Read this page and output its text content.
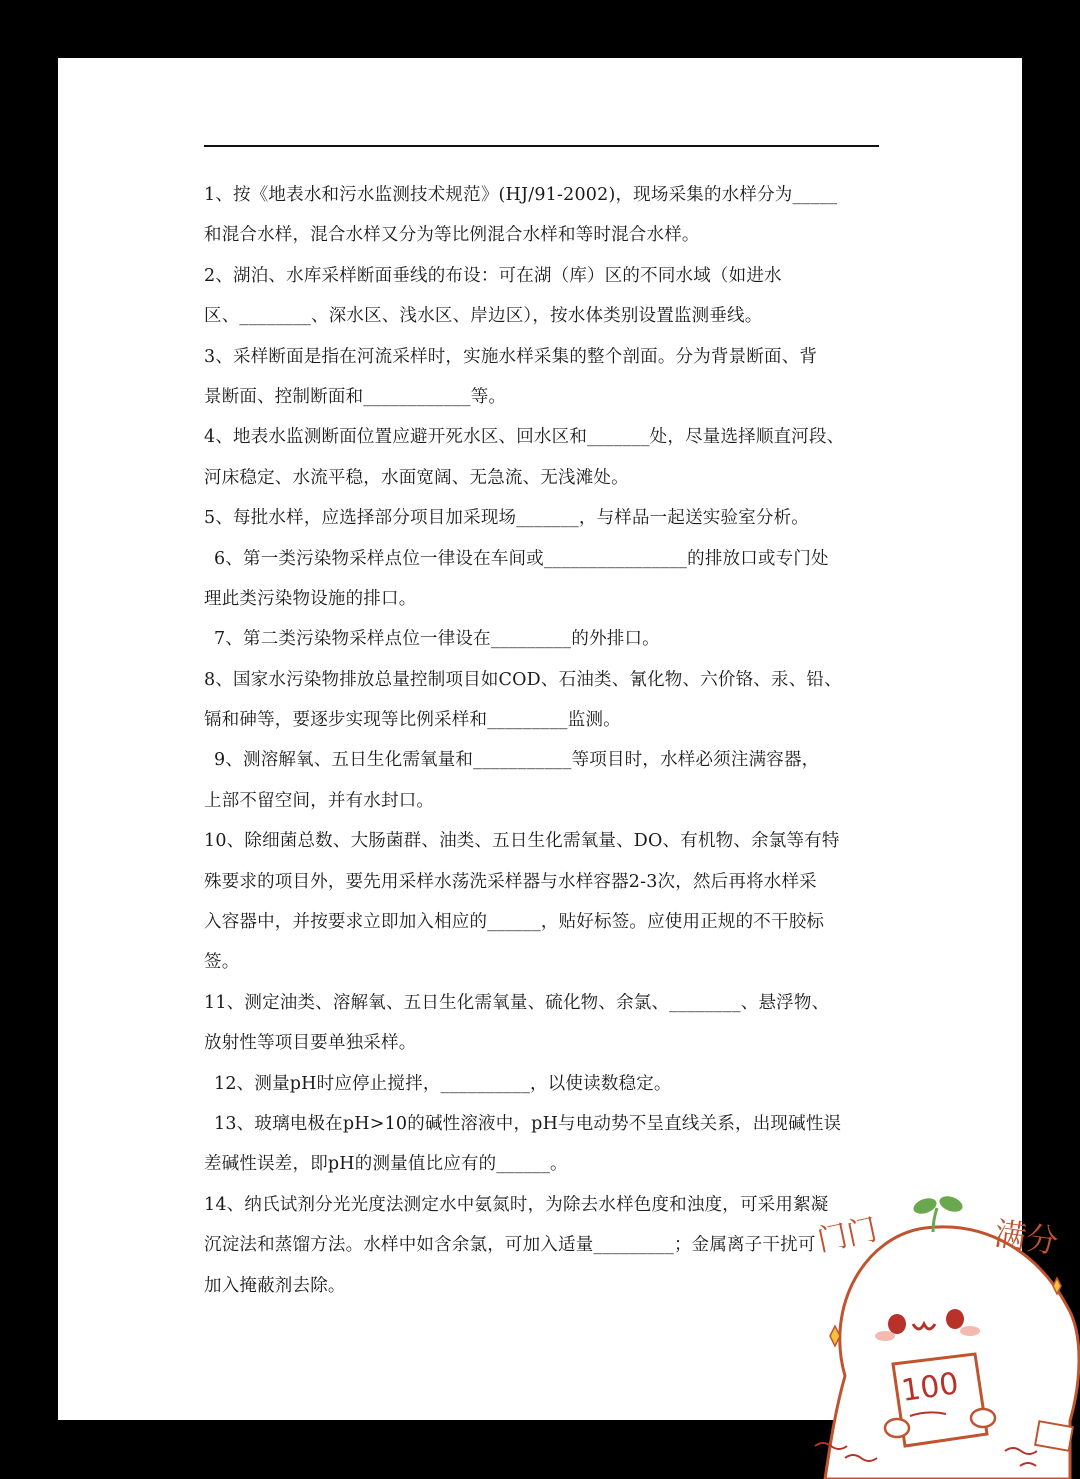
1、按《地表水和污水监测技术规范》(HJ/91-2002)，现场采集的水样分为_____
和混合水样，混合水样又分为等比例混合水样和等时混合水样。
2、湖泊、水库采样断面垂线的布设：可在湖（库）区的不同水域（如进水
区、________、深水区、浅水区、岸边区），按水体类别设置监测垂线。
3、采样断面是指在河流采样时，实施水样采集的整个剖面。分为背景断面、背
景断面、控制断面和____________等。
4、地表水监测断面位置应避开死水区、回水区和_______处，尽量选择顺直河段、
河床稳定、水流平稳，水面宽阔、无急流、无浅滩处。
5、每批水样，应选择部分项目加采现场_______，与样品一起送实验室分析。
6、第一类污染物采样点位一律设在车间或________________的排放口或专门处
理此类污染物设施的排口。
7、第二类污染物采样点位一律设在_________的外排口。
8、国家水污染物排放总量控制项目如COD、石油类、氰化物、六价铬、汞、铅、
镉和砷等，要逐步实现等比例采样和_________监测。
9、测溶解氧、五日生化需氧量和___________等项目时，水样必须注满容器，
上部不留空间，并有水封口。
10、除细菌总数、大肠菌群、油类、五日生化需氧量、DO、有机物、余氯等有特
殊要求的项目外，要先用采样水荡洗采样器与水样容器2-3次，然后再将水样采
入容器中，并按要求立即加入相应的______，贴好标签。应使用正规的不干胶标
签。
11、测定油类、溶解氧、五日生化需氧量、硫化物、余氯、________、悬浮物、
放射性等项目要单独采样。
12、测量pH时应停止搅拌，__________，以使读数稳定。
13、玻璃电极在pH>10的碱性溶液中，pH与电动势不呈直线关系，出现碱性误
差碱性误差，即pH的测量值比应有的______。
14、纳氏试剂分光光度法测定水中氨氮时，为除去水样色度和浊度，可采用絮凝
沉淀法和蒸馏方法。水样中如含余氯，可加入适量_________；金属离子干扰可
加入掩蔽剂去除。
门门	满分
100
